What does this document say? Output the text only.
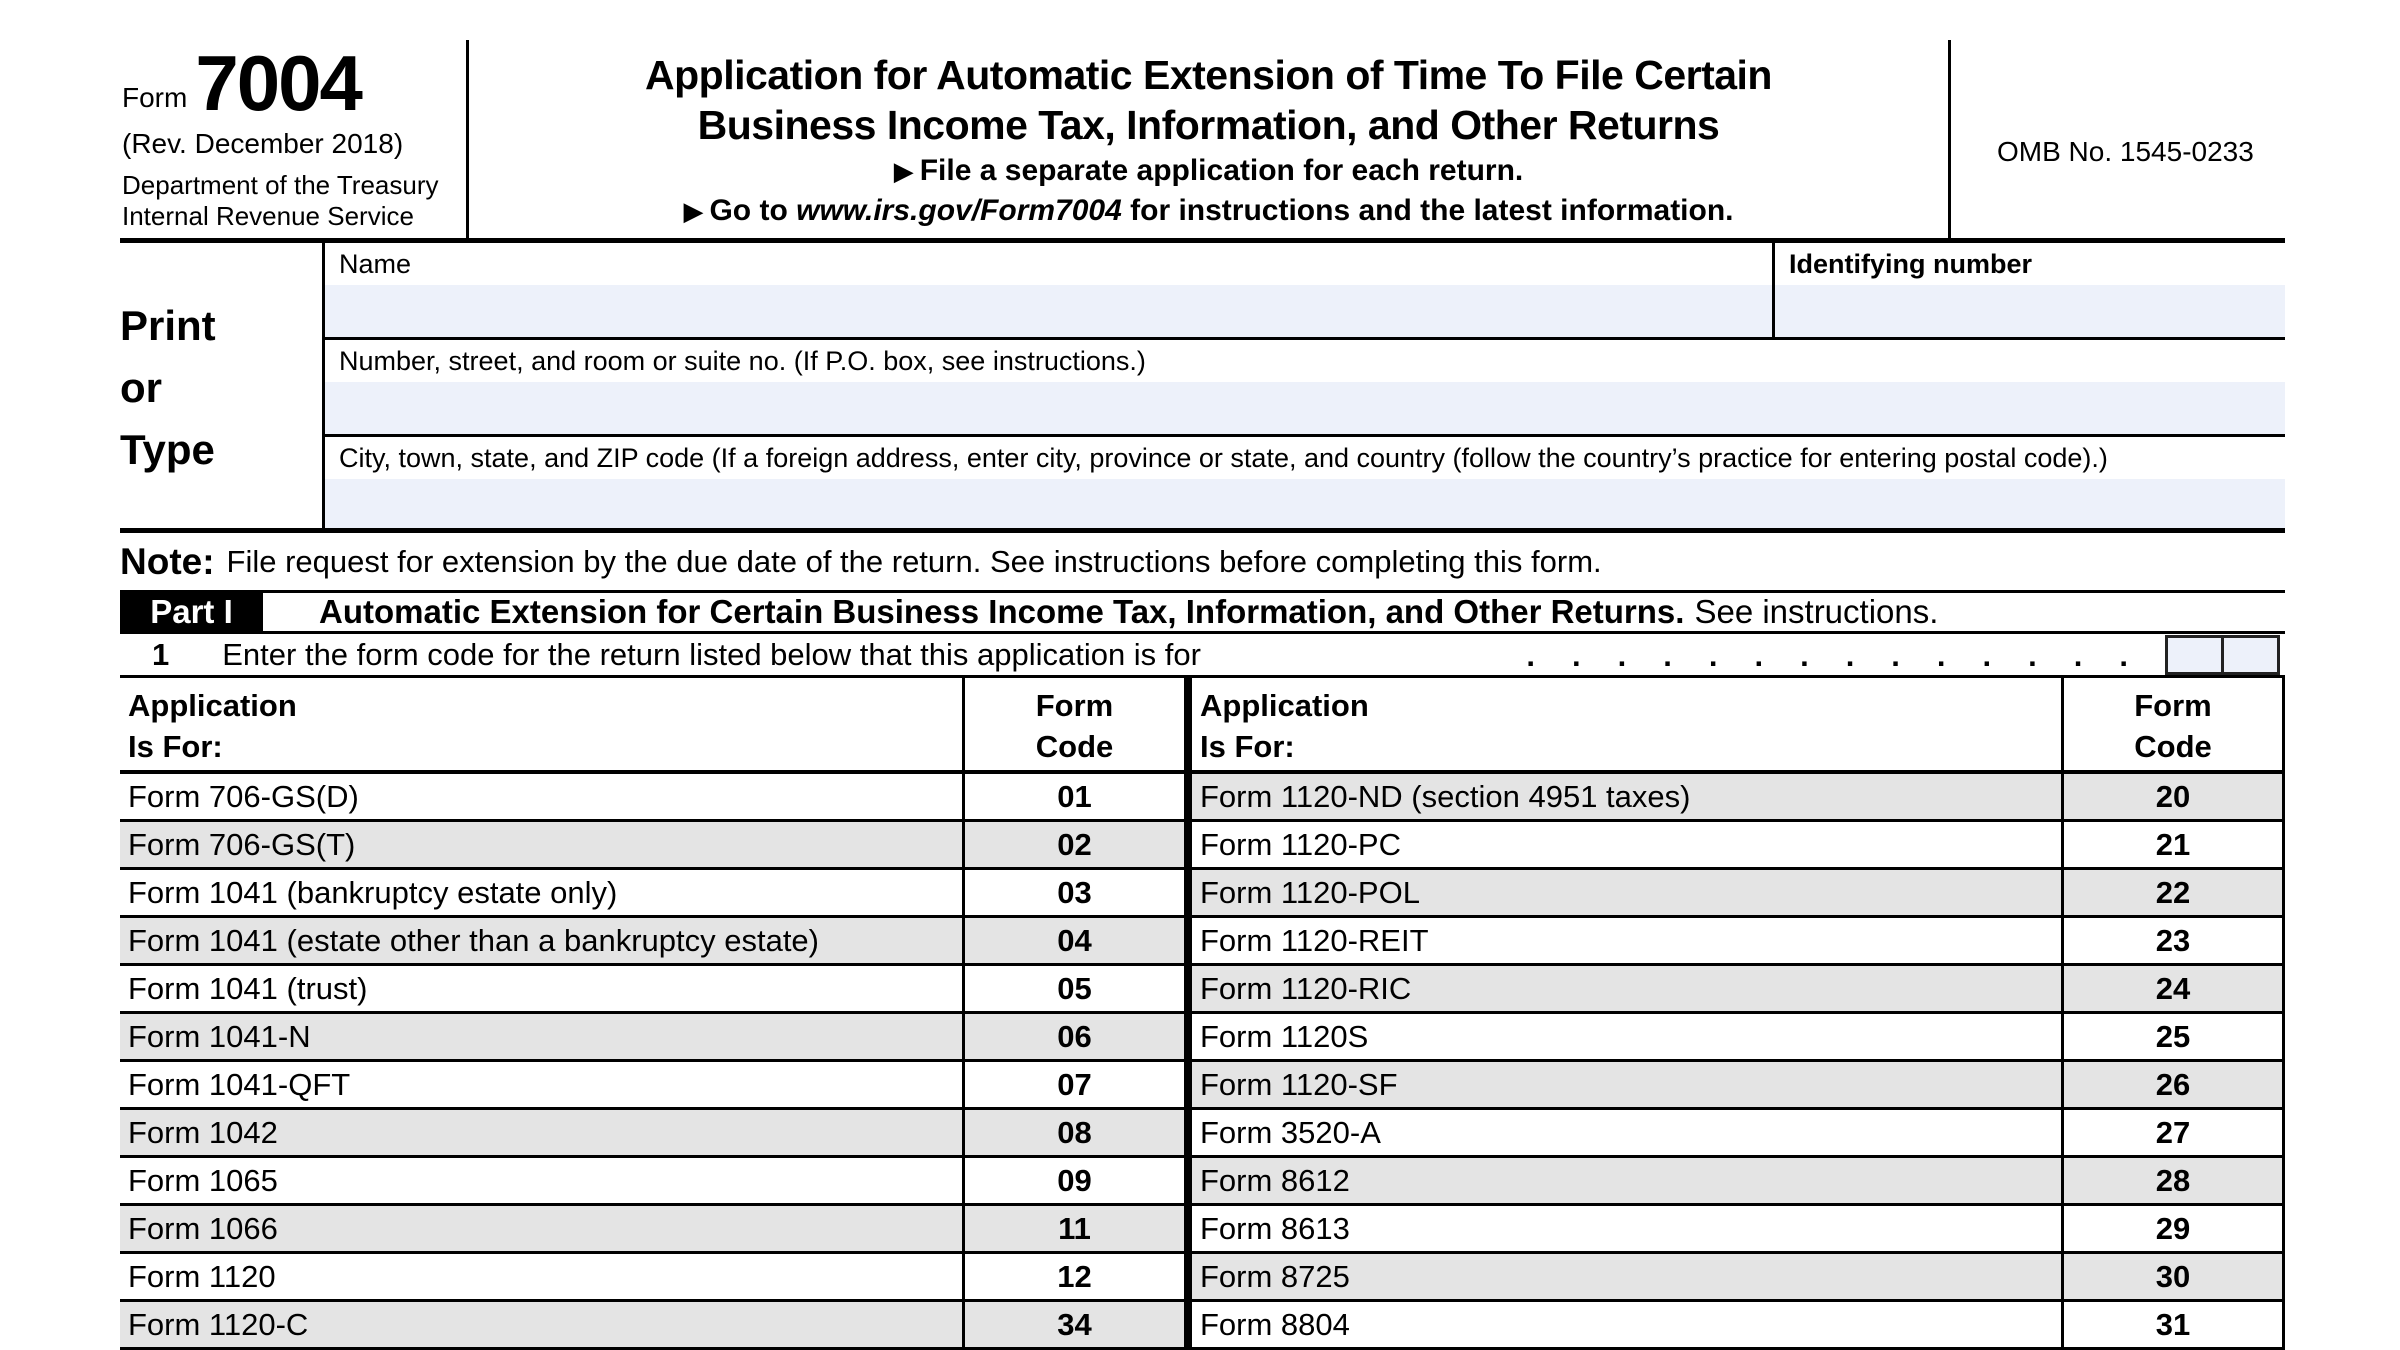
Form 7004
(Rev. December 2018)
Department of the Treasury
Internal Revenue Service
Application for Automatic Extension of Time To File Certain
Business Income Tax, Information, and Other Returns
▶ File a separate application for each return.
▶ Go to www.irs.gov/Form7004 for instructions and the latest information.
OMB No. 1545-0233
Print
or
Type
Name	Identifying number
Number, street, and room or suite no. (If P.O. box, see instructions.)
City, town, state, and ZIP code (If a foreign address, enter city, province or state, and country (follow the country’s practice for entering postal code).)
Note: File request for extension by the due date of the return. See instructions before completing this form.
Part I	Automatic Extension for Certain Business Income Tax, Information, and Other Returns. See instructions.
1	Enter the form code for the return listed below that this application is for	..............
Application
Is For:
Form
Code
Form 706-GS(D)	01
Form 706-GS(T)	02
Form 1041 (bankruptcy estate only)	03
Form 1041 (estate other than a bankruptcy estate)	04
Form 1041 (trust)	05
Form 1041-N	06
Form 1041-QFT	07
Form 1042	08
Form 1065	09
Form 1066	11
Form 1120	12
Form 1120-C	34
Application
Is For:
Form
Code
Form 1120-ND (section 4951 taxes)	20
Form 1120-PC	21
Form 1120-POL	22
Form 1120-REIT	23
Form 1120-RIC	24
Form 1120S	25
Form 1120-SF	26
Form 3520-A	27
Form 8612	28
Form 8613	29
Form 8725	30
Form 8804	31
